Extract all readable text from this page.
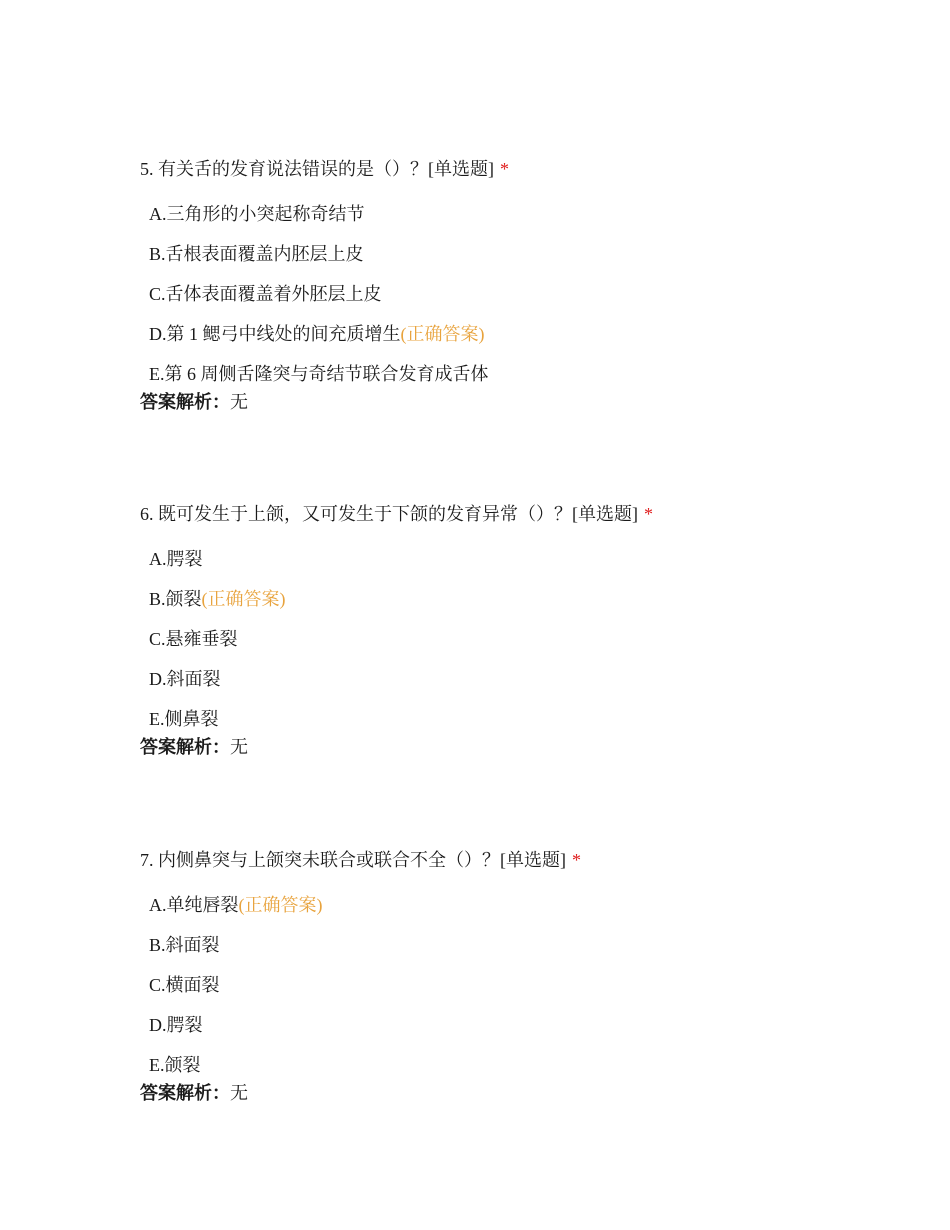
5. 有关舌的发育说法错误的是（）？[单选题] *
A.三角形的小突起称奇结节
B.舌根表面覆盖内胚层上皮
C.舌体表面覆盖着外胚层上皮
D.第 1 鳃弓中线处的间充质增生(正确答案)
E.第 6 周侧舌隆突与奇结节联合发育成舌体
答案解析：无
6. 既可发生于上颌，又可发生于下颌的发育异常（）？[单选题] *
A.腭裂
B.颌裂(正确答案)
C.悬雍垂裂
D.斜面裂
E.侧鼻裂
答案解析：无
7. 内侧鼻突与上颌突未联合或联合不全（）？[单选题] *
A.单纯唇裂(正确答案)
B.斜面裂
C.横面裂
D.腭裂
E.颌裂
答案解析：无
